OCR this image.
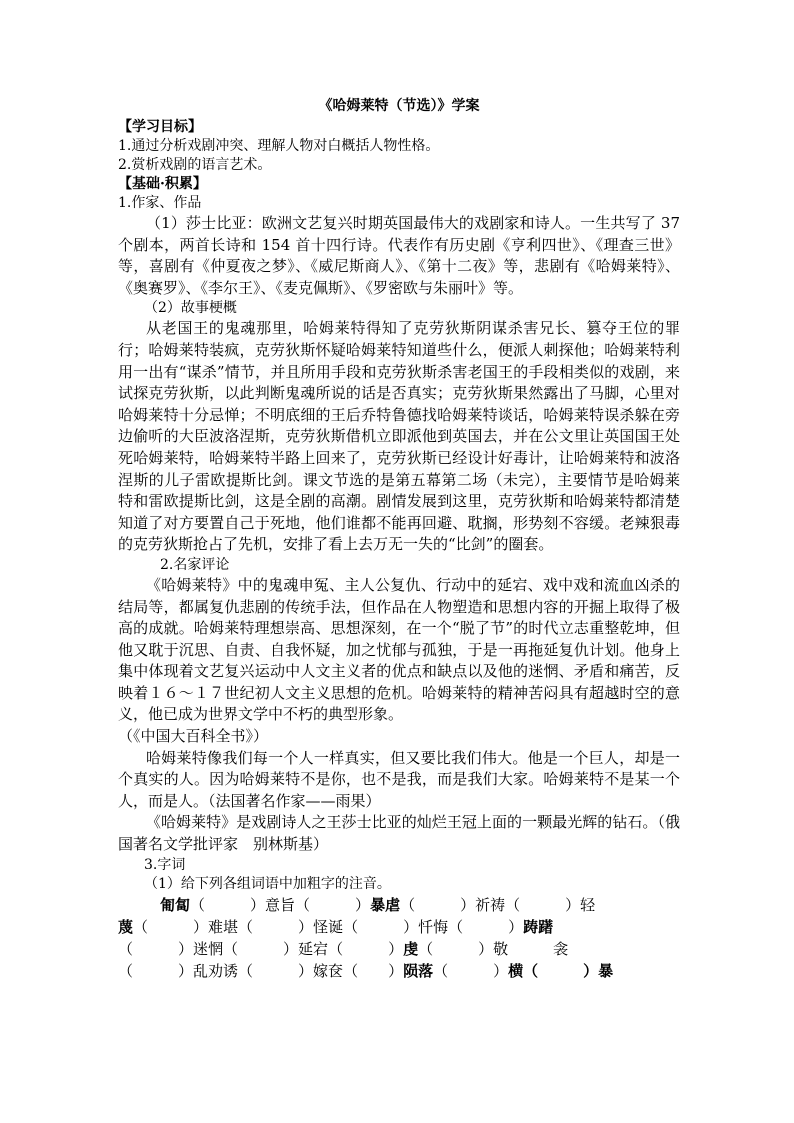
《哈姆莱特（节选）》学案
【学习目标】
1.通过分析戏剧冲突、理解人物对白概括人物性格。
2.赏析戏剧的语言艺术。
【基础·积累】
1.作家、作品

（1）莎士比亚：欧洲文艺复兴时期英国最伟大的戏剧家和诗人。一生共写了 37 个剧本，两首长诗和 154 首十四行诗。代表作有历史剧《亨利四世》、《理查三世》等，喜剧有《仲夏夜之梦》、《威尼斯商人》、《第十二夜》等，悲剧有《哈姆莱特》、《奥赛罗》、《李尔王》、《麦克佩斯》、《罗密欧与朱丽叶》等。

（2）故事梗概

从老国王的鬼魂那里，哈姆莱特得知了克劳狄斯阴谋杀害兄长、篡夺王位的罪行；哈姆莱特装疯，克劳狄斯怀疑哈姆莱特知道些什么，便派人刺探他；哈姆莱特利用一出有“谋杀”情节，并且所用手段和克劳狄斯杀害老国王的手段相类似的戏剧，来试探克劳狄斯，以此判断鬼魂所说的话是否真实；克劳狄斯果然露出了马脚，心里对哈姆莱特十分忌惮；不明底细的王后乔特鲁德找哈姆莱特谈话，哈姆莱特误杀躲在旁边偷听的大臣波洛涅斯，克劳狄斯借机立即派他到英国去，并在公文里让英国国王处死哈姆莱特，哈姆莱特半路上回来了，克劳狄斯已经设计好毒计，让哈姆莱特和波洛涅斯的儿子雷欧提斯比剑。课文节选的是第五幕第二场（未完），主要情节是哈姆莱特和雷欧提斯比剑，这是全剧的高潮。剧情发展到这里，克劳狄斯和哈姆莱特都清楚知道了对方要置自己于死地，他们谁都不能再回避、耽搁，形势刻不容缓。老辣狠毒的克劳狄斯抢占了先机，安排了看上去万无一失的“比剑”的圈套。

2.名家评论

《哈姆莱特》中的鬼魂申冤、主人公复仇、行动中的延宕、戏中戏和流血凶杀的结局等，都属复仇悲剧的传统手法，但作品在人物塑造和思想内容的开掘上取得了极高的成就。哈姆莱特理想崇高、思想深刻，在一个“脱了节”的时代立志重整乾坤，但他又耽于沉思、自责、自我怀疑，加之忧郁与孤独，于是一再拖延复仇计划。他身上集中体现着文艺复兴运动中人文主义者的优点和缺点以及他的迷惘、矛盾和痛苦，反映着１６～１７世纪初人文主义思想的危机。哈姆莱特的精神苦闷具有超越时空的意义，他已成为世界文学中不朽的典型形象。

（《中国大百科全书》）

哈姆莱特像我们每一个人一样真实，但又要比我们伟大。他是一个巨人，却是一个真实的人。因为哈姆莱特不是你，也不是我，而是我们大家。哈姆莱特不是某一个人，而是人。（法国著名作家——雨果）

《哈姆莱特》是戏剧诗人之王莎士比亚的灿烂王冠上面的一颗最光辉的钻石。（俄国著名文学批评家　别林斯基）

3.字词
（1）给下列各组词语中加粗字的注音。

匍匐（　　　）意旨（　　　）暴虐（　　　）祈祷（　　　）轻

蔑（　　　）难堪（　　　）怪诞（　　　）忏悔（　　　）踌躇

（　　　）迷惘（　　　）延宕（　　　）虔（　　　）敬　　　衾

（　　　）乱劝诱（　　　）嫁奁（　　）陨落（　　　）横（　　　）暴
